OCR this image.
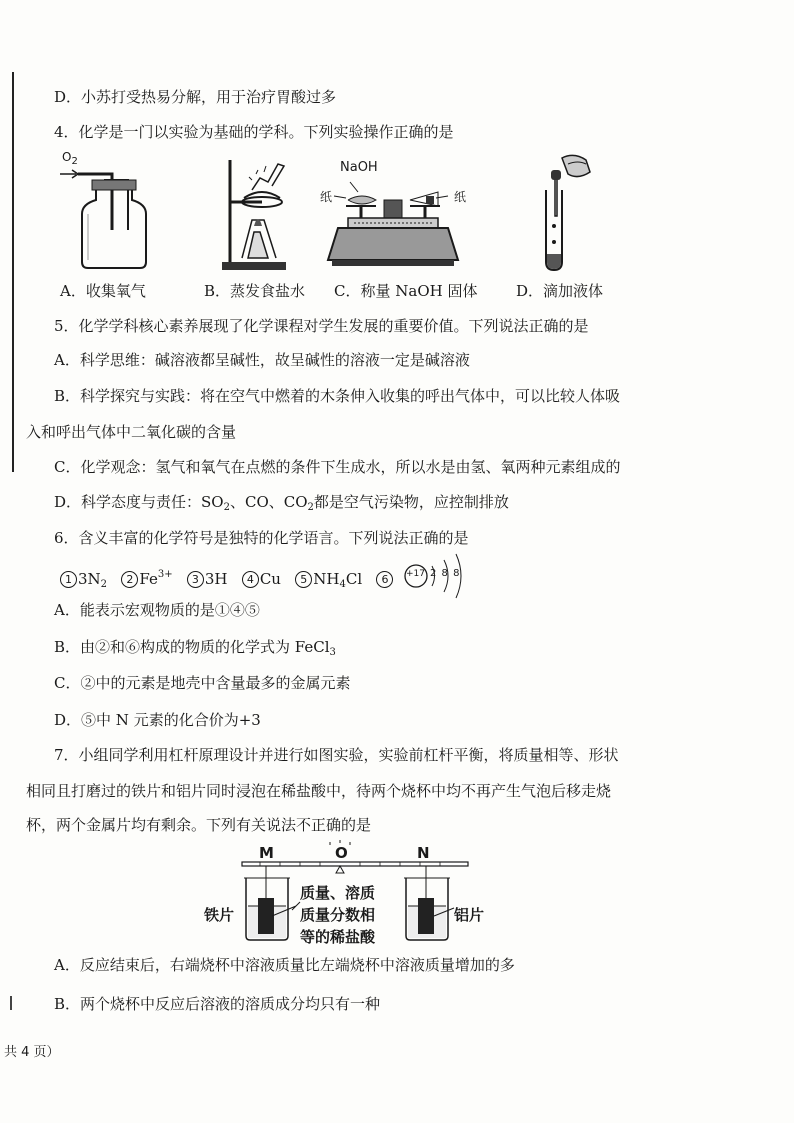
D．小苏打受热易分解，用于治疗胃酸过多
4．化学是一门以实验为基础的学科。下列实验操作正确的是
$O_2$	NaOH
纸	纸
A．收集氧气	B．蒸发食盐水 C．称量 NaOH 固体	D．滴加液体
5．化学学科核心素养展现了化学课程对学生发展的重要价值。下列说法正确的是
A．科学思维：碱溶液都呈碱性，故呈碱性的溶液一定是碱溶液
B．科学探究与实践：将在空气中燃着的木条伸入收集的呼出气体中，可以比较人体吸
入和呼出气体中二氧化碳的含量
C．化学观念：氢气和氧气在点燃的条件下生成水，所以水是由氢、氧两种元素组成的
D．科学态度与责任：$SO_2$、CO、$CO_2$都是空气污染物，应控制排放
6．含义丰富的化学符号是独特的化学语言。下列说法正确的是
1 $3N_2$ 2 $Fe^{3+}$ 3 3H 4 Cu 5 $NH_4Cl$ 6	+17 2 8 8
A．能表示宏观物质的是①④⑤
B．由②和⑥构成的物质的化学式为 FeCl$_3$
C．②中的元素是地壳中含量最多的金属元素
D．⑤中 N 元素的化合价为+3
7．小组同学利用杠杆原理设计并进行如图实验，实验前杠杆平衡，将质量相等、形状
相同且打磨过的铁片和铝片同时浸泡在稀盐酸中，待两个烧杯中均不再产生气泡后移走烧
杯，两个金属片均有剩余。下列有关说法不正确的是
M	O	N
铁片	铝片
质量、溶质
质量分数相
等的稀盐酸
A．反应结束后，右端烧杯中溶液质量比左端烧杯中溶液质量增加的多
B．两个烧杯中反应后溶液的溶质成分均只有一种
共 4 页）
